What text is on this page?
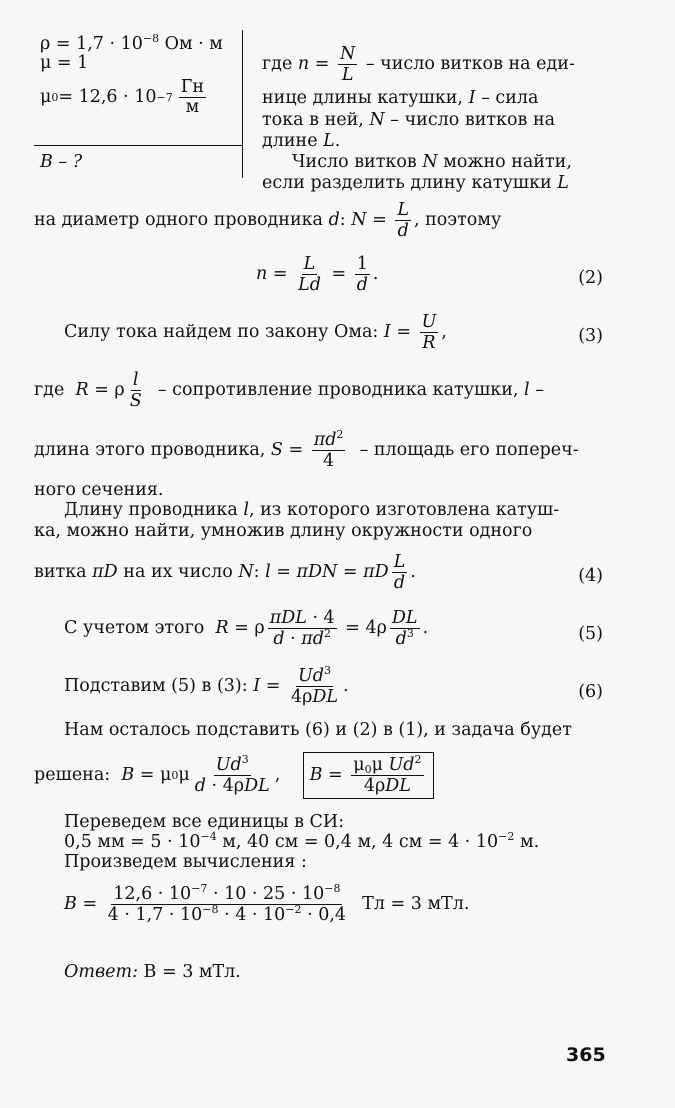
$\rho = 1,7 \cdot 10^{-8}$ Ом · м
μ = 1
μ $0 = 12,6 \cdot 10 -7 \frac{Гн}{м}$
B – ?
где
$n = \frac{N}{L}$
– число витков на еди-
нице длины катушки, I – сила
тока в ней, N – число витков на
длине L.
Число витков N можно найти,
если разделить длину катушки L
на диаметр одного проводника
d : $N = \frac{L}{d}$ , поэтому
$n = \frac{L}{Ld} = \frac{1}{d}$ .	(2)
Силу тока найдем по закону Ома:
$I = \frac{U}{R}$ ,	(3)
где
R = ρ $\frac{l}{S}$
– сопротивление проводника катушки,
l –
длина этого проводника,
$S = \frac{\pi d^2}{4}$
– площадь его попереч-
ного сечения.
Длину проводника l, из которого изготовлена катуш-
ка, можно найти, умножив длину окружности одного
витка
πD
на их число
N : l = πDN = πD $\frac{L}{d}$ .	(4)
С учетом этого
R = ρ $\frac{\text{πDL · 4}}{d \cdot \pi d^2} = 4\rho \frac{DL}{d^3}$ .	(5)
Подставим (5) в (3):
$I = \frac{Ud^3}{\text{4ρDL}}$ .	(6)
Нам осталось подставить (6) и (2) в (1), и задача будет
решена:
B = μ 0 μ $\frac{Ud^3}{\text{d · 4ρDL}}$ , $B = \frac{\mu_0\mu Ud^2}{\text{4ρDL}}$
Переведем все единицы в СИ:
0,5 мм = $5 \cdot 10^{-4}$ м, 40 см = 0,4 м, 4 см = $4 \cdot 10^{-2}$ м.
Произведем вычисления :
$B = \frac{12,6 \cdot 10^{-7} \cdot 10 \cdot 25 \cdot 10^{-8}}{4 \cdot 1,7 \cdot 10^{-8} \cdot 4 \cdot 10^{-2} \cdot 0,4}$
Тл = 3 мТл.
Ответ: B = 3 мТл.
365
